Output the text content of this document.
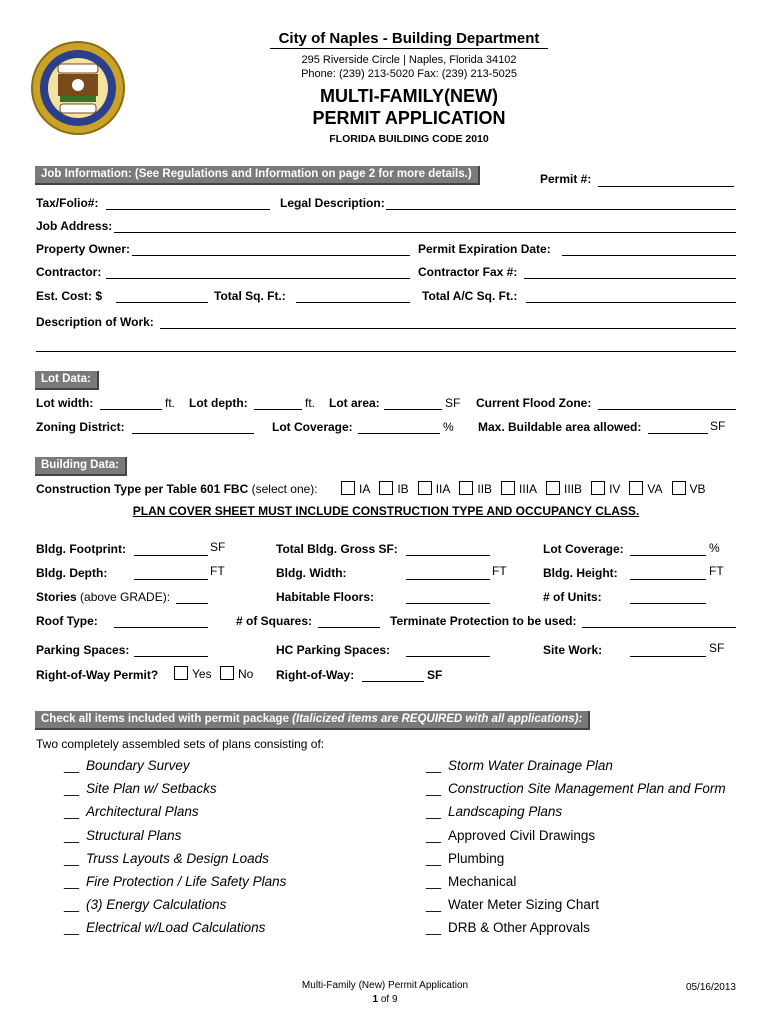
City of Naples - Building Department
295 Riverside Circle | Naples, Florida 34102
Phone: (239) 213-5020 Fax: (239) 213-5025
MULTI-FAMILY(NEW)
PERMIT APPLICATION
FLORIDA BUILDING CODE 2010
Job Information: (See Regulations and Information on page 2 for more details.)	Permit #:
Tax/Folio#:	Legal Description:
Job Address:
Property Owner:	Permit Expiration Date:
Contractor:	Contractor Fax #:
Est. Cost: $	Total Sq. Ft.:	Total A/C Sq. Ft.:
Description of Work:
Lot Data:
Lot width:	ft. Lot depth:	ft. Lot area:	SF Current Flood Zone:
Zoning District:	Lot Coverage:	% Max. Buildable area allowed:	SF
Building Data:
Construction Type per Table 601 FBC (select one):	IA IB IIA IIB IIIA IIIB IV VA VB
PLAN COVER SHEET MUST INCLUDE CONSTRUCTION TYPE AND OCCUPANCY CLASS.
Bldg. Footprint:	SF	Total Bldg. Gross SF:	Lot Coverage:	%
Bldg. Depth:	FT	Bldg. Width:	FT	Bldg. Height:	FT
Stories (above GRADE):	Habitable Floors:	# of Units:
Roof Type:	# of Squares:	Terminate Protection to be used:
Parking Spaces:	HC Parking Spaces:	Site Work:	SF
Right-of-Way Permit?	Yes	No Right-of-Way:	SF
Check all items included with permit package (Italicized items are REQUIRED with all applications):
Two completely assembled sets of plans consisting of:
__ Boundary Survey
__ Site Plan w/ Setbacks
__ Architectural Plans
__ Structural Plans
__ Truss Layouts & Design Loads
__ Fire Protection / Life Safety Plans
__ (3) Energy Calculations
__ Electrical w/Load Calculations
__ Storm Water Drainage Plan
__ Construction Site Management Plan and Form
__ Landscaping Plans
__ Approved Civil Drawings
__ Plumbing
__ Mechanical
__ Water Meter Sizing Chart
__ DRB & Other Approvals
Multi-Family (New) Permit Application
1 of 9
05/16/2013
